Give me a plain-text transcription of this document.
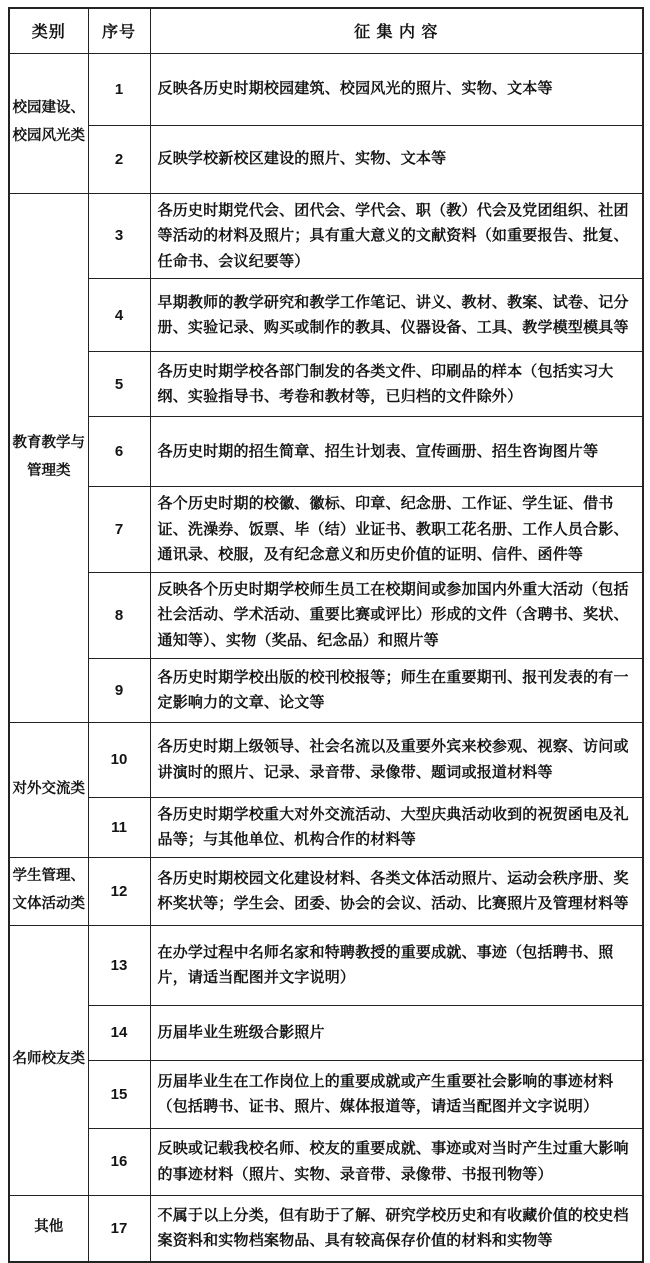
类别	序号	征 集 内 容
校园建设、校园风光类	1	反映各历史时期校园建筑、校园风光的照片、实物、文本等
	2	反映学校新校区建设的照片、实物、文本等
教育教学与管理类	3	各历史时期党代会、团代会、学代会、职（教）代会及党团组织、社团等活动的材料及照片；具有重大意义的文献资料（如重要报告、批复、任命书、会议纪要等）
	4	早期教师的教学研究和教学工作笔记、讲义、教材、教案、试卷、记分册、实验记录、购买或制作的教具、仪器设备、工具、教学模型模具等
	5	各历史时期学校各部门制发的各类文件、印刷品的样本（包括实习大纲、实验指导书、考卷和教材等，已归档的文件除外）
	6	各历史时期的招生简章、招生计划表、宣传画册、招生咨询图片等
	7	各个历史时期的校徽、徽标、印章、纪念册、工作证、学生证、借书证、洗澡券、饭票、毕（结）业证书、教职工花名册、工作人员合影、通讯录、校服，及有纪念意义和历史价值的证明、信件、函件等
	8	反映各个历史时期学校师生员工在校期间或参加国内外重大活动（包括社会活动、学术活动、重要比赛或评比）形成的文件（含聘书、奖状、通知等）、实物（奖品、纪念品）和照片等
	9	各历史时期学校出版的校刊校报等；师生在重要期刊、报刊发表的有一定影响力的文章、论文等
对外交流类	10	各历史时期上级领导、社会名流以及重要外宾来校参观、视察、访问或讲演时的照片、记录、录音带、录像带、题词或报道材料等
	11	各历史时期学校重大对外交流活动、大型庆典活动收到的祝贺函电及礼品等；与其他单位、机构合作的材料等
学生管理、文体活动类	12	各历史时期校园文化建设材料、各类文体活动照片、运动会秩序册、奖杯奖状等；学生会、团委、协会的会议、活动、比赛照片及管理材料等
名师校友类	13	在办学过程中名师名家和特聘教授的重要成就、事迹（包括聘书、照片，请适当配图并文字说明）
	14	历届毕业生班级合影照片
	15	历届毕业生在工作岗位上的重要成就或产生重要社会影响的事迹材料（包括聘书、证书、照片、媒体报道等，请适当配图并文字说明）
	16	反映或记载我校名师、校友的重要成就、事迹或对当时产生过重大影响的事迹材料（照片、实物、录音带、录像带、书报刊物等）
其他	17	不属于以上分类，但有助于了解、研究学校历史和有收藏价值的校史档案资料和实物档案物品、具有较高保存价值的材料和实物等
